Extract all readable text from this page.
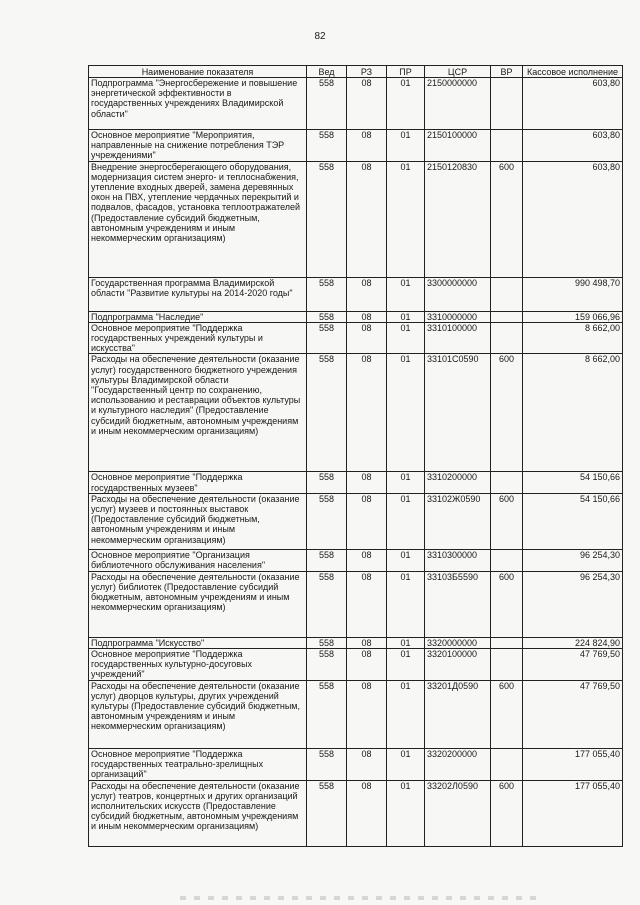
82
Наименование показателя	Вед	РЗ	ПР	ЦСР	ВР	Кассовое исполнение
Подпрограмма "Энергосбережение и повышение энергетической эффективности в государственных учреждениях Владимирской области"	558	08	01	2150000000		603,80
Основное мероприятие "Мероприятия, направленные на снижение потребления ТЭР учреждениями"	558	08	01	2150100000		603,80
Внедрение энергосберегающего оборудования, модернизация систем энерго- и теплоснабжения, утепление входных дверей, замена деревянных окон на ПВХ, утепление чердачных перекрытий и подвалов, фасадов, установка теплоотражателей (Предоставление субсидий бюджетным, автономным учреждениям и иным некоммерческим организациям)	558	08	01	2150120830	600	603,80
Государственная программа Владимирской области "Развитие культуры на 2014-2020 годы"	558	08	01	3300000000		990 498,70
Подпрограмма "Наследие"	558	08	01	3310000000		159 066,96
Основное мероприятие "Поддержка государственных учреждений культуры и искусства"	558	08	01	3310100000		8 662,00
Расходы на обеспечение деятельности (оказание услуг) государственного бюджетного учреждения культуры Владимирской области "Государственный центр по сохранению, использованию и реставрации объектов культуры и культурного наследия" (Предоставление субсидий бюджетным, автономным учреждениям и иным некоммерческим организациям)	558	08	01	33101С0590	600	8 662,00
Основное мероприятие "Поддержка государственных музеев"	558	08	01	3310200000		54 150,66
Расходы на обеспечение деятельности (оказание услуг) музеев и постоянных выставок (Предоставление субсидий бюджетным, автономным учреждениям и иным некоммерческим организациям)	558	08	01	33102Ж0590	600	54 150,66
Основное мероприятие "Организация библиотечного обслуживания населения"	558	08	01	3310300000		96 254,30
Расходы на обеспечение деятельности (оказание услуг) библиотек (Предоставление субсидий бюджетным, автономным учреждениям и иным некоммерческим организациям)	558	08	01	33103Б5590	600	96 254,30
Подпрограмма "Искусство"	558	08	01	3320000000		224 824,90
Основное мероприятие "Поддержка государственных культурно-досуговых учреждений"	558	08	01	3320100000		47 769,50
Расходы на обеспечение деятельности (оказание услуг) дворцов культуры, других учреждений культуры (Предоставление субсидий бюджетным, автономным учреждениям и иным некоммерческим организациям)	558	08	01	33201Д0590	600	47 769,50
Основное мероприятие "Поддержка государственных театрально-зрелищных организаций"	558	08	01	3320200000		177 055,40
Расходы на обеспечение деятельности (оказание услуг) театров, концертных и других организаций исполнительских искусств (Предоставление субсидий бюджетным, автономным учреждениям и иным некоммерческим организациям)	558	08	01	33202Л0590	600	177 055,40
